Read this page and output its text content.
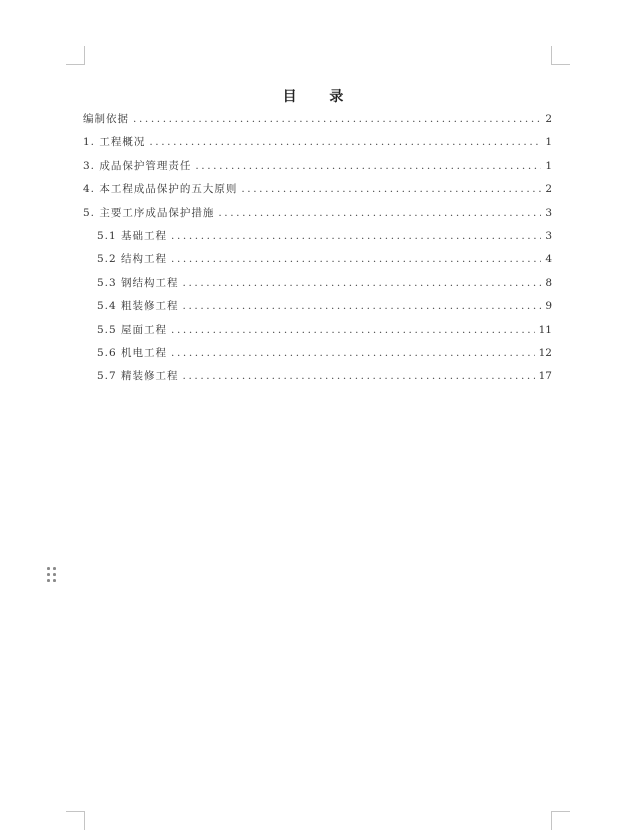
目 录
编制依据 .....	2
1. 工程概况 .....	1
3. 成品保护管理责任 .....	1
4. 本工程成品保护的五大原则 .....	2
5. 主要工序成品保护措施 .....	3
5.1 基础工程 .....	3
5.2 结构工程 .....	4
5.3 钢结构工程 .....	8
5.4 粗装修工程 .....	9
5.5 屋面工程 .....	11
5.6 机电工程 .....	12
5.7 精装修工程 .....	17
